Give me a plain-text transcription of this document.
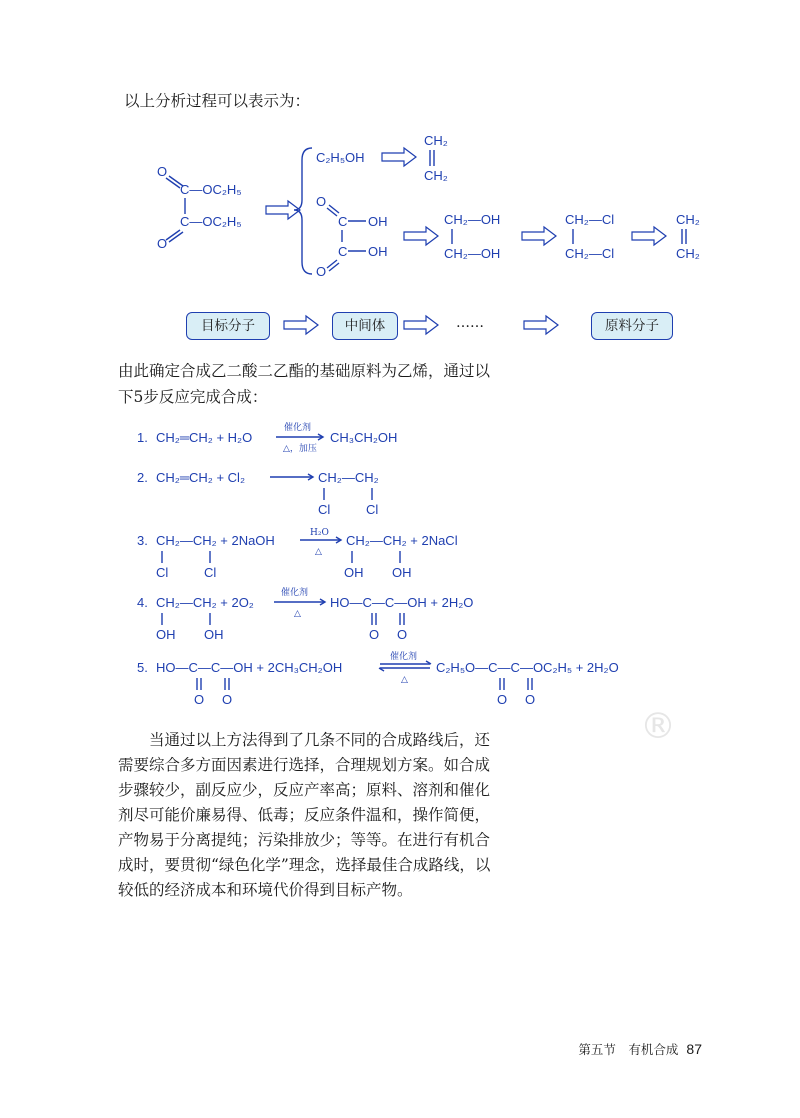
以上分析过程可以表示为：

O
C—OC₂H₅
C—OC₂H₅
O
C₂H₅OH
CH₂
CH₂
O
C OH
C OH
O
CH₂—OH
CH₂—OH
CH₂—Cl
CH₂—Cl
CH₂
CH₂
1. CH₂═CH₂ + H₂O
催化剂
△，加压
CH₃CH₂OH
2. CH₂═CH₂ + Cl₂	CH₂—CH₂
Cl	Cl
3. CH₂—CH₂ + 2NaOH
Cl	Cl
H₂O
△
CH₂—CH₂ + 2NaCl
OH OH
4. CH₂—CH₂ + 2O₂
OH OH
催化剂
△
HO—C—C—OH + 2H₂O
O O
5. HO—C—C—OH + 2CH₃CH₂OH
O O
催化剂
△
C₂H₅O—C—C—OC₂H₅ + 2H₂O
O O
目标分子	中间体	……	原料分子

由此确定合成乙二酸二乙酯的基础原料为乙烯，通过以下5步反应完成合成：

®

当通过以上方法得到了几条不同的合成路线后，还需要综合多方面因素进行选择，合理规划方案。如合成步骤较少，副反应少，反应产率高；原料、溶剂和催化剂尽可能价廉易得、低毒；反应条件温和，操作简便，产物易于分离提纯；污染排放少；等等。在进行有机合成时，要贯彻“绿色化学”理念，选择最佳合成路线，以较低的经济成本和环境代价得到目标产物。

第五节　有机合成 87
